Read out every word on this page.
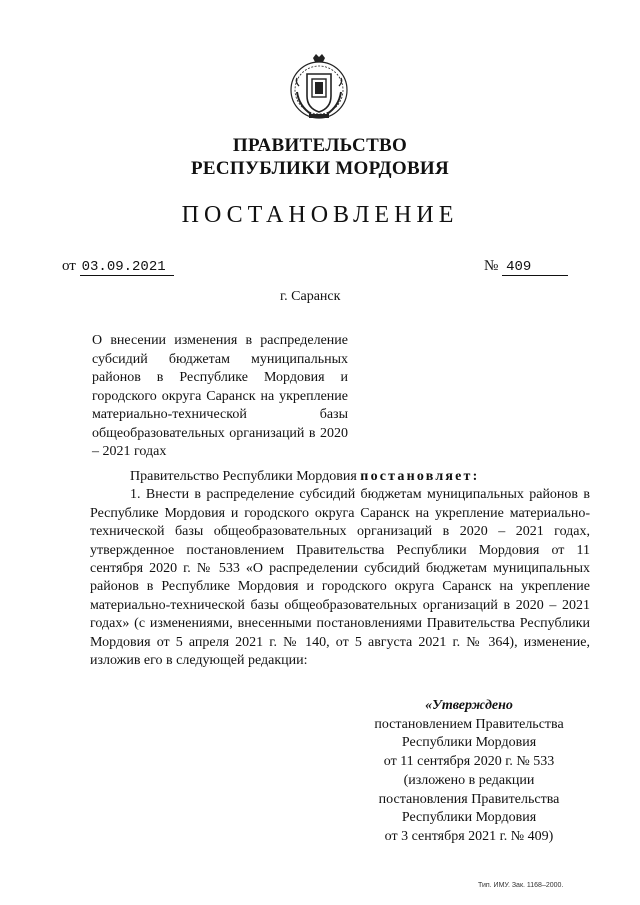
ПРАВИТЕЛЬСТВО
РЕСПУБЛИКИ МОРДОВИЯ
ПОСТАНОВЛЕНИЕ
от 03.09.2021	№ 409
г. Саранск
О внесении изменения в распределение субсидий бюджетам муниципальных районов в Республике Мордовия и городского округа Саранск на укрепление материально-технической базы общеобразовательных организаций в 2020 – 2021 годах

Правительство Республики Мордовия постановляет:

1. Внести в распределение субсидий бюджетам муниципальных районов в Республике Мордовия и городского округа Саранск на укрепление материально-технической базы общеобразовательных организаций в 2020 – 2021 годах, утвержденное постановлением Правительства Республики Мордовия от 11 сентября 2020 г. № 533 «О распределении субсидий бюджетам муниципальных районов в Республике Мордовия и городского округа Саранск на укрепление материально-технической базы общеобразовательных организаций в 2020 – 2021 годах» (с изменениями, внесенными постановлениями Правительства Республики Мордовия от 5 апреля 2021 г. № 140, от 5 августа 2021 г. № 364), изменение, изложив его в следующей редакции:

«Утверждено
постановлением Правительства
Республики Мордовия
от 11 сентября 2020 г. № 533
(изложено в редакции
постановления Правительства
Республики Мордовия
от 3 сентября 2021 г. № 409)
Тип. ИМУ. Зак. 1168–2000.
